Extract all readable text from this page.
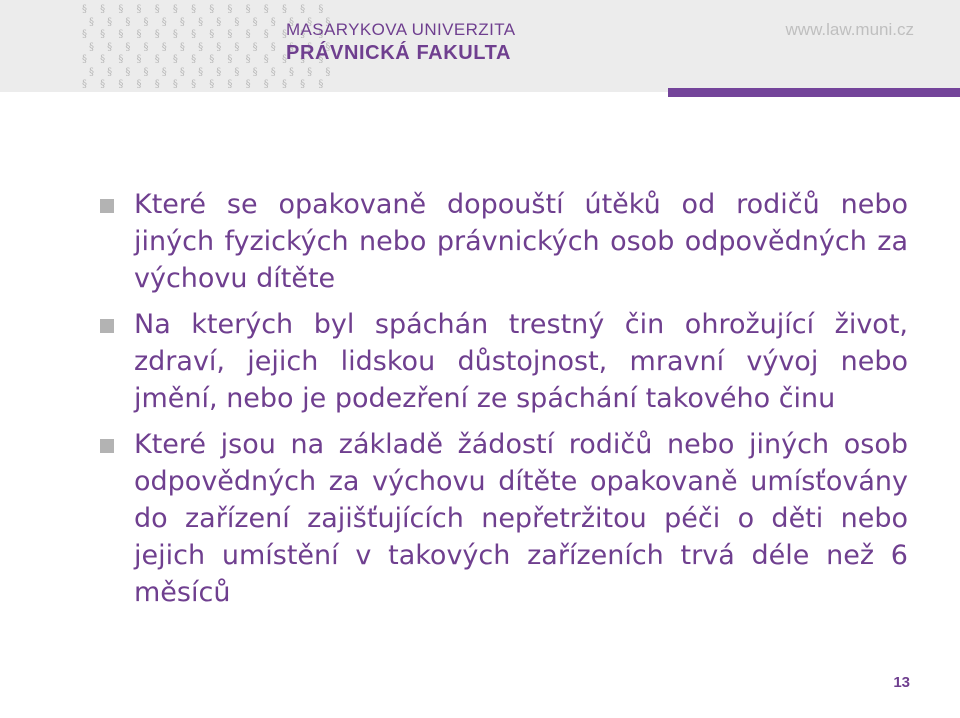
§ § § § § § § § § § § § § §
§ § § § § § § § § § § § § §
§ § § § § § § § § § § § § §
§ § § § § § § § § § § § § §
§ § § § § § § § § § § § § §
§ § § § § § § § § § § § § §
§ § § § § § § § § § § § § §
MASARYKOVA UNIVERZITA
PRÁVNICKÁ FAKULTA
www.law.muni.cz
Které se opakovaně dopouští útěků od rodičů nebo jiných fyzických nebo právnických osob odpovědných za výchovu dítěte
Na kterých byl spáchán trestný čin ohrožující život, zdraví, jejich lidskou důstojnost, mravní vývoj nebo jmění, nebo je podezření ze spáchání takového činu
Které jsou na základě žádostí rodičů nebo jiných osob odpovědných za výchovu dítěte opakovaně umísťovány do zařízení zajišťujících nepřetržitou péči o děti nebo jejich umístění v takových zařízeních trvá déle než 6 měsíců
13
